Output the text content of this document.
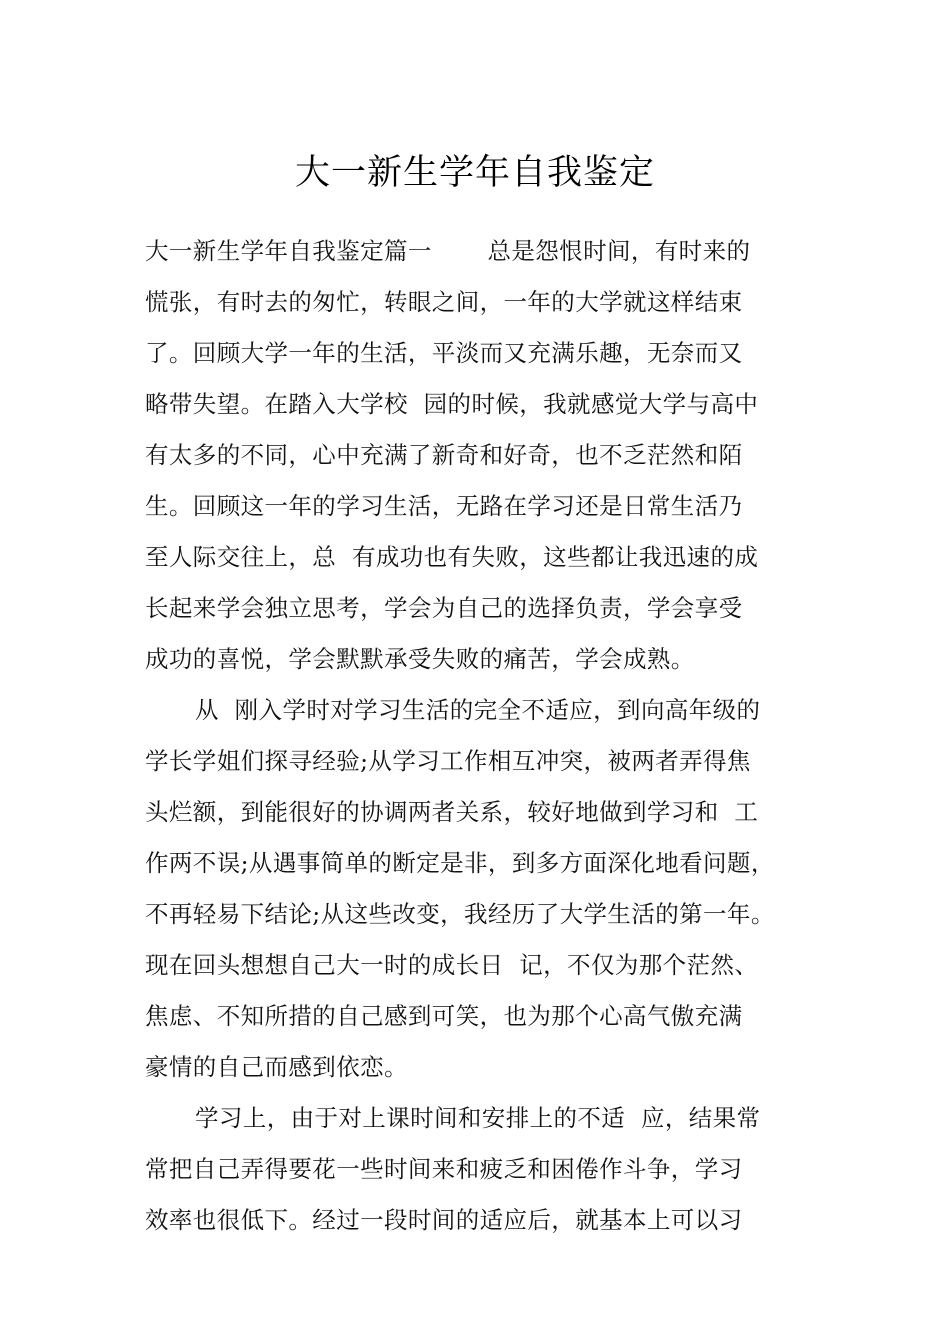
大一新生学年自我鉴定
大一新生学年自我鉴定篇一　　 总是怨恨时间，有时来的
慌张，有时去的匆忙，转眼之间，一年的大学就这样结束
了。回顾大学一年的生活，平淡而又充满乐趣，无奈而又
略带失望。在踏入大学校  园的时候，我就感觉大学与高中
有太多的不同，心中充满了新奇和好奇，也不乏茫然和陌
生。回顾这一年的学习生活，无路在学习还是日常生活乃
至人际交往上，总  有成功也有失败，这些都让我迅速的成
长起来学会独立思考，学会为自己的选择负责，学会享受
成功的喜悦，学会默默承受失败的痛苦，学会成熟。
从  刚入学时对学习生活的完全不适应，到向高年级的
学长学姐们探寻经验;从学习工作相互冲突，被两者弄得焦
头烂额，到能很好的协调两者关系，较好地做到学习和  工
作两不误;从遇事简单的断定是非，到多方面深化地看问题，
不再轻易下结论;从这些改变，我经历了大学生活的第一年。
现在回头想想自己大一时的成长日  记，不仅为那个茫然、
焦虑、不知所措的自己感到可笑，也为那个心高气傲充满
豪情的自己而感到依恋。
学习上，由于对上课时间和安排上的不适  应，结果常
常把自己弄得要花一些时间来和疲乏和困倦作斗争，学习
效率也很低下。经过一段时间的适应后，就基本上可以习
